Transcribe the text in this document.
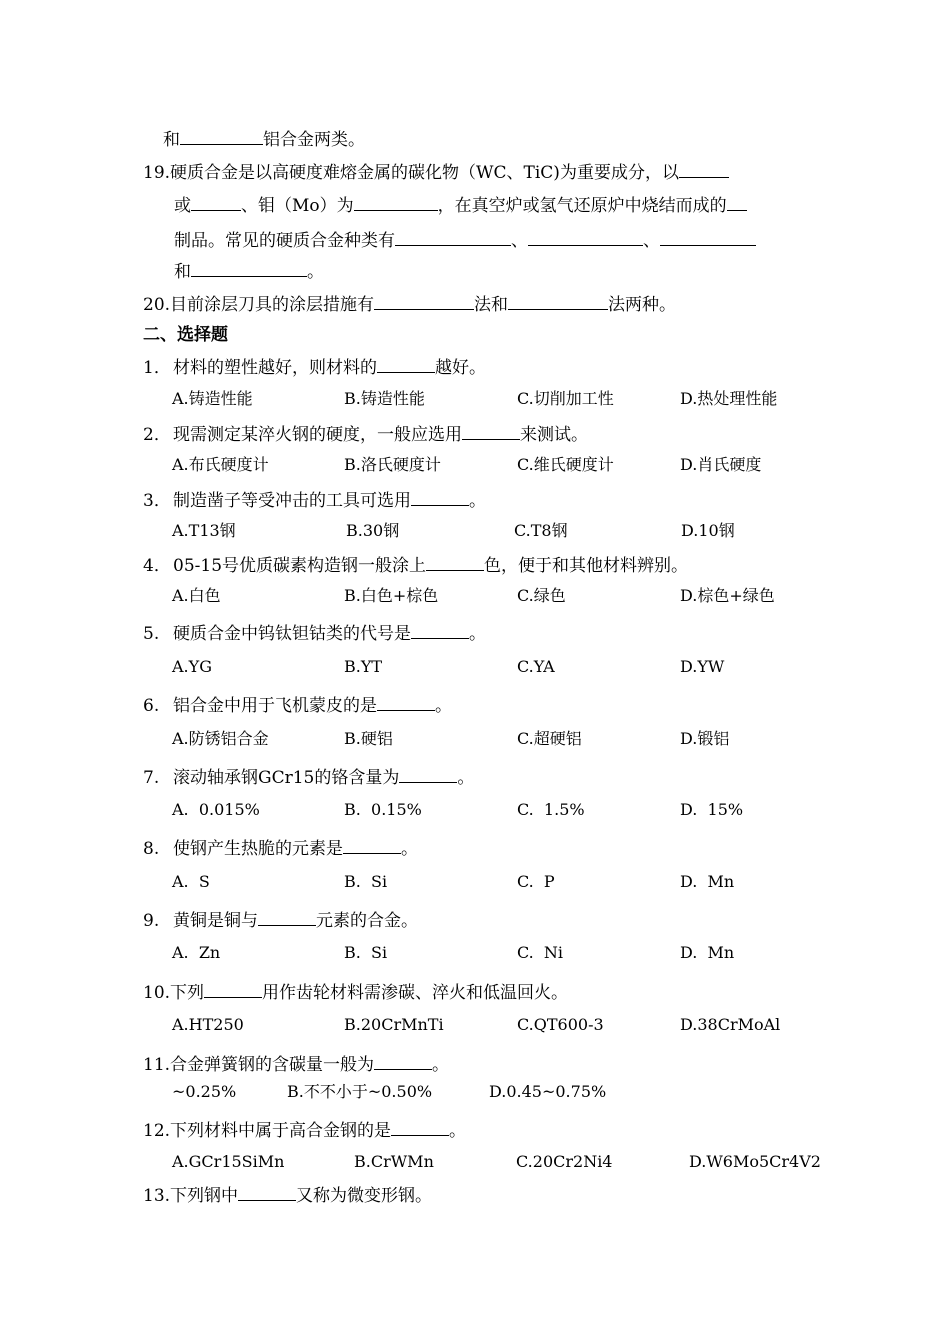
和	铝合金两类。
19.硬质合金是以高硬度难熔金属的碳化物（WC、TiC)为重要成分，以
或	、钼（Mo）为	，在真空炉或氢气还原炉中烧结而成的
制品。常见的硬质合金种类有	、	、
和	。
20.目前涂层刀具的涂层措施有	法和	法两种。
二、选择题
1． 材料的塑性越好，则材料的	越好。
A.铸造性能	B.铸造性能	C.切削加工性	D.热处理性能
2． 现需测定某淬火钢的硬度，一般应选用	来测试。
A.布氏硬度计	B.洛氏硬度计	C.维氏硬度计	D.肖氏硬度
3． 制造凿子等受冲击的工具可选用	。
A.T13钢	B.30钢	C.T8钢	D.10钢
4． 05-15号优质碳素构造钢一般涂上	色，便于和其他材料辨别。
A.白色	B.白色+棕色	C.绿色	D.棕色+绿色
5. 硬质合金中钨钛钽钴类的代号是	。
A.YG	B.YT	C.YA	D.YW
6. 铝合金中用于飞机蒙皮的是	。
A.防锈铝合金	B.硬铝	C.超硬铝	D.锻铝
7. 滚动轴承钢GCr15的铬含量为	。
A.  0.015%	B.  0.15%	C.  1.5%	D.  15%
8. 使钢产生热脆的元素是	。
A.  S	B.  Si	C.  P	D.  Mn
9. 黄铜是铜与	元素的合金。
A.  Zn	B.  Si	C.  Ni	D.  Mn
10.下列	用作齿轮材料需渗碳、淬火和低温回火。
A.HT250	B.20CrMnTi	C.QT600-3	D.38CrMoAl
11.合金弹簧钢的含碳量一般为	。
~0.25%	B.不不小于~0.50%	D.0.45~0.75%
12.下列材料中属于高合金钢的是	。
A.GCr15SiMn	B.CrWMn	C.20Cr2Ni4	D.W6Mo5Cr4V2
13.下列钢中	又称为微变形钢。
